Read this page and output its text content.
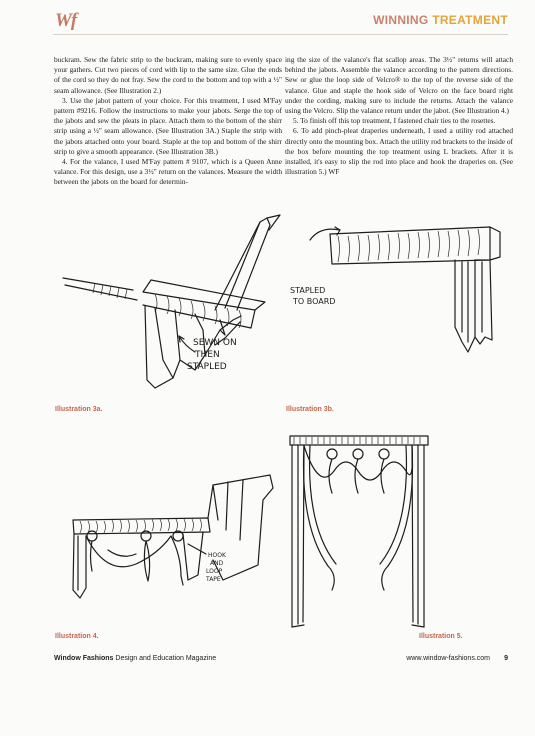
Wf	WINNING TREATMENT

buckram. Sew the fabric strip to the buckram, making sure to evenly space your gathers. Cut two pieces of cord with lip to the same size. Glue the ends of the cord so they do not fray. Sew the cord to the bottom and top with a ½" seam allowance. (See Illustration 2.)

3. Use the jabot pattern of your choice. For this treatment, I used M'Fay pattern #9216. Follow the instructions to make your jabots. Serge the top of the jabots and sew the pleats in place. Attach them to the bottom of the shirr strip using a ½" seam allowance. (See Illustration 3A.) Staple the strip with the jabots attached onto your board. Staple at the top and bottom of the shirr strip to give a smooth appearance. (See Illustration 3B.)

4. For the valance, I used M'Fay pattern # 9107, which is a Queen Anne valance. For this design, use a 3½" return on the valances. Measure the width between the jabots on the board for determin-

ing the size of the valance's flat scallop areas. The 3½" returns will attach behind the jabots. Assemble the valance according to the pattern directions. Sew or glue the loop side of Velcro® to the top of the reverse side of the valance. Glue and staple the hook side of Velcro on the face board right under the cording, making sure to include the returns. Attach the valance using the Velcro. Slip the valance return under the jabot. (See Illustration 4.)

5. To finish off this top treatment, I fastened chair ties to the rosettes.

6. To add pinch-pleat draperies underneath, I used a utility rod attached directly onto the mounting box. Attach the utility rod brackets to the inside of the box before mounting the top treatment using L brackets. After it is installed, it's easy to slip the rod into place and hook the draperies on. (See illustration 5.) WF

SEWN ON
THEN
STAPLED
Illustration 3a.
STAPLED
TO BOARD
Illustration 3b.
HOOK
AND
LOOP
TAPE
Illustration 4.	Illustration 5.
Window Fashions Design and Education Magazine	www.window-fashions.com 9
